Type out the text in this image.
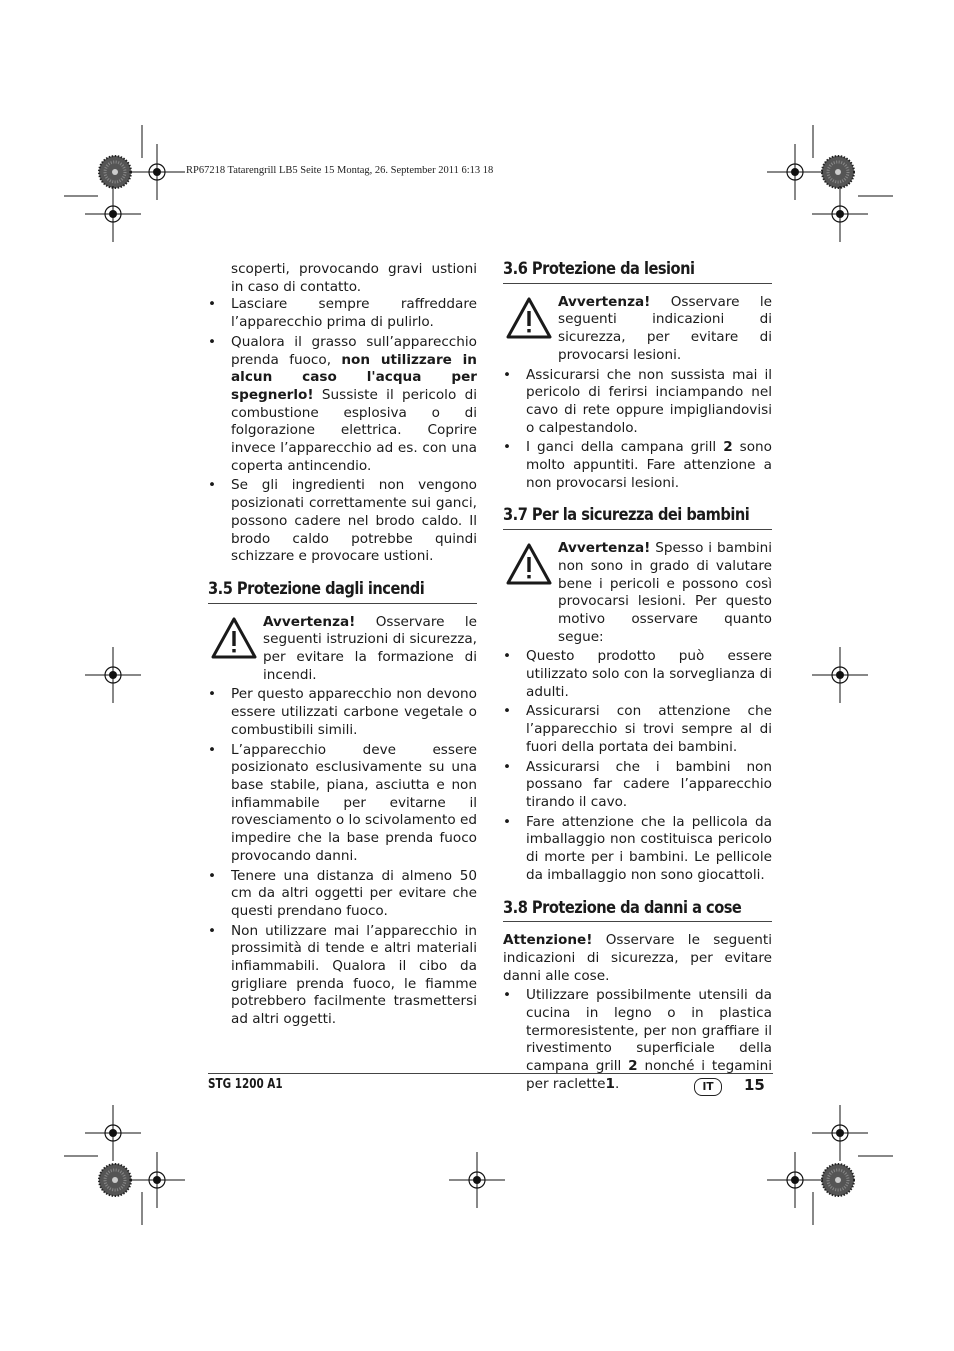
RP67218 Tatarengrill LB5 Seite 15 Montag, 26. September 2011 6:13 18

scoperti, provocando gravi ustioni in caso di contatto.

• Lasciare sempre raffreddare l’apparecchio prima di pulirlo.
• Qualora il grasso sull’apparecchio prenda fuoco, non utilizzare in alcun caso l'acqua per spegnerlo! Sussiste il pericolo di combustione esplosiva o di folgorazione elettrica. Coprire invece l’apparecchio ad es. con una coperta antincendio.
• Se gli ingredienti non vengono posizionati correttamente sui ganci, possono cadere nel brodo caldo. Il brodo caldo potrebbe quindi schizzare e provocare ustioni.
3.5 Protezione dagli incendi
Avvertenza! Osservare le seguenti istruzioni di sicurezza, per evitare la formazione di incendi.
• Per questo apparecchio non devono essere utilizzati carbone vegetale o combustibili simili.
• L’apparecchio deve essere posizionato esclusivamente su una base stabile, piana, asciutta e non infiammabile per evitarne il rovesciamento o lo scivolamento ed impedire che la base prenda fuoco provocando danni.
• Tenere una distanza di almeno 50 cm da altri oggetti per evitare che questi prendano fuoco.
• Non utilizzare mai l’apparecchio in prossimità di tende e altri materiali infiammabili. Qualora il cibo da grigliare prenda fuoco, le fiamme potrebbero facilmente trasmettersi ad altri oggetti.
3.6 Protezione da lesioni
Avvertenza! Osservare le seguenti indicazioni di sicurezza, per evitare di provocarsi lesioni.
• Assicurarsi che non sussista mai il pericolo di ferirsi inciampando nel cavo di rete oppure impigliandovisi o calpestandolo.
• I ganci della campana grill 2 sono molto appuntiti. Fare attenzione a non provocarsi lesioni.
3.7 Per la sicurezza dei bambini
Avvertenza! Spesso i bambini non sono in grado di valutare bene i pericoli e possono così provocarsi lesioni. Per questo motivo osservare quanto segue:
• Questo prodotto può essere utilizzato solo con la sorveglianza di adulti.
• Assicurarsi con attenzione che l’apparecchio si trovi sempre al di fuori della portata dei bambini.
• Assicurarsi che i bambini non possano far cadere l’apparecchio tirando il cavo.
• Fare attenzione che la pellicola da imballaggio non costituisca pericolo di morte per i bambini. Le pellicole da imballaggio non sono giocattoli.
3.8 Protezione da danni a cose
Attenzione! Osservare le seguenti indicazioni di sicurezza, per evitare danni alle cose.
• Utilizzare possibilmente utensili da cucina in legno o in plastica termoresistente, per non graffiare il rivestimento superficiale della campana grill 2 nonché i tegamini per raclette1.
STG 1200 A1	IT	15
